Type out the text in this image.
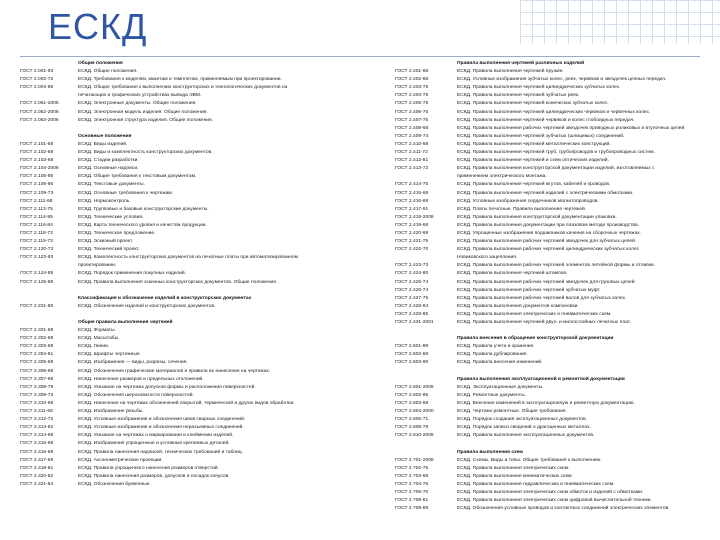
ЕСКД
Общие положения
ГОСТ 2.001-93	ЕСКД. Общие положения.
ГОСТ 2.002-72	ЕСКД. Требования к моделям, макетам и темплетам, применяемым при проектировании.
ГОСТ 2.004-88	ЕСКД. Общие требования к выполнению конструкторских и технологических документов на
печатающих и графических устройствах вывода ЭВМ.
ГОСТ 2.051-2006	ЕСКД. Электронные документы. Общие положения.
ГОСТ 2.052-2006	ЕСКД. Электронная модель изделия. Общие положения.
ГОСТ 2.053-2006	ЕСКД. Электронная структура изделия. Общие положения.
Основные положения
ГОСТ 2.101-68	ЕСКД. Виды изделий.
ГОСТ 2.102-68	ЕСКД. Виды и комплектность конструкторских документов.
ГОСТ 2.103-68	ЕСКД. Стадии разработки.
ГОСТ 2.104-2006	ЕСКД. Основные надписи.
ГОСТ 2.105-95	ЕСКД. Общие требования к текстовым документам.
ГОСТ 2.106-96	ЕСКД. Текстовые документы.
ГОСТ 2.109-73	ЕСКД. Основные требования к чертежам.
ГОСТ 2.111-68	ЕСКД. Нормоконтроль.
ГОСТ 2.113-75	ЕСКД. Групповые и базовые конструкторские документы.
ГОСТ 2.114-95	ЕСКД. Технические условия.
ГОСТ 2.116-84	ЕСКД. Карта технического уровня и качества продукции.
ГОСТ 2.118-73	ЕСКД. Техническое предложение.
ГОСТ 2.119-73	ЕСКД. Эскизный проект.
ГОСТ 2.120-73	ЕСКД. Технический проект.
ГОСТ 2.123-93	ЕСКД. Комплектность конструкторских документов на печатные платы при автоматизированном
проектировании.
ГОСТ 2.124-85	ЕСКД. Порядок применения покупных изделий.
ГОСТ 2.125-88	ЕСКД. Правила выполнения эскизных конструкторских документов. Общие положения.
Классификация и обозначение изделий в конструкторских документах
ГОСТ 2.201-80	ЕСКД. Обозначение изделий и конструкторских документов.
Общие правила выполнения чертежей
ГОСТ 2.301-68	ЕСКД. Форматы.
ГОСТ 2.302-68	ЕСКД. Масштабы.
ГОСТ 2.303-68	ЕСКД. Линии.
ГОСТ 2.304-81	ЕСКД. Шрифты чертежные.
ГОСТ 2.305-68	ЕСКД. Изображения — виды, разрезы, сечения.
ГОСТ 2.306-68	ЕСКД. Обозначения графические материалов и правила их нанесения на чертежах.
ГОСТ 2.307-68	ЕСКД. Нанесение размеров и предельных отклонений.
ГОСТ 2.308-79	ЕСКД. Указание на чертежах допусков формы и расположения поверхностей.
ГОСТ 2.309-73	ЕСКД. Обозначения шероховатости поверхностей.
ГОСТ 2.310-68	ЕСКД. Нанесение на чертежах обозначений покрытий, термической и других видов обработки.
ГОСТ 2.311-68	ЕСКД. Изображение резьбы.
ГОСТ 2.312-72	ЕСКД. Условные изображения и обозначения швов сварных соединений.
ГОСТ 2.313-82	ЕСКД. Условные изображения и обозначения неразъемных соединений.
ГОСТ 2.314-68	ЕСКД. Указания на чертежах о маркировании и клеймении изделий.
ГОСТ 2.315-68	ЕСКД. Изображения упрощенные и условные крепежных деталей.
ГОСТ 2.316-68	ЕСКД. Правила нанесения надписей, технических требований и таблиц.
ГОСТ 2.317-69	ЕСКД. Аксонометрические проекции.
ГОСТ 2.318-81	ЕСКД. Правила упрощенного нанесения размеров отверстий.
ГОСТ 2.320-82	ЕСКД. Правила нанесения размеров, допусков и посадок конусов.
ГОСТ 2.321-84	ЕСКД. Обозначения буквенные.
Правила выполнения чертежей различных изделий
ГОСТ 2.401-68	ЕСКД. Правила выполнения чертежей пружин.
ГОСТ 2.402-68	ЕСКД. Условные изображения зубчатых колес, реек, червяков и звездочек цепных передач.
ГОСТ 2.403-75	ЕСКД. Правила выполнения чертежей цилиндрических зубчатых колес.
ГОСТ 2.404-75	ЕСКД. Правила выполнения чертежей зубчатых реек.
ГОСТ 2.405-75	ЕСКД. Правила выполнения чертежей конических зубчатых колес.
ГОСТ 2.406-76	ЕСКД. Правила выполнения чертежей цилиндрических червяков и червячных колес.
ГОСТ 2.407-75	ЕСКД. Правила выполнения чертежей червяков и колес глобоидных передач.
ГОСТ 2.408-68	ЕСКД. Правила выполнения рабочих чертежей звездочек приводных роликовых и втулочных цепей.
ГОСТ 2.409-74	ЕСКД. Правила выполнения чертежей зубчатых (шлицевых) соединений.
ГОСТ 2.410-68	ЕСКД. Правила выполнения чертежей металлических конструкций.
ГОСТ 2.411-72	ЕСКД. Правила выполнения чертежей труб, трубопроводов и трубопроводных систем.
ГОСТ 2.412-81	ЕСКД. Правила выполнения чертежей и схем оптических изделий.
ГОСТ 2.413-72	ЕСКД. Правила выполнения конструкторской документации изделий, изготовляемых с
применением электрического монтажа.
ГОСТ 2.414-75	ЕСКД. Правила выполнения чертежей жгутов, кабелей и проводов.
ГОСТ 2.415-68	ЕСКД. Правила выполнения чертежей изделий с электрическими обмотками.
ГОСТ 2.416-68	ЕСКД. Условные изображения сердечников магнитопроводов.
ГОСТ 2.417-91	ЕСКД. Платы печатные. Правила выполнения чертежей.
ГОСТ 2.418-2008	ЕСКД. Правила выполнения конструкторской документации упаковки.
ГОСТ 2.419-68	ЕСКД. Правила выполнения документации при плазовом методе производства.
ГОСТ 2.420-69	ЕСКД. Упрощенные изображения подшипников качения на сборочных чертежах.
ГОСТ 2.421-75	ЕСКД. Правила выполнения рабочих чертежей звездочек для зубчатых цепей.
ГОСТ 2.422-70	ЕСКД. Правила выполнения рабочих чертежей цилиндрических зубчатых колес
Новиковского зацепления.
ГОСТ 2.423-73	ЕСКД. Правила выполнения рабочих чертежей элементов литейной формы и отливки.
ГОСТ 2.424-80	ЕСКД. Правила выполнения чертежей штампов.
ГОСТ 2.425-74	ЕСКД. Правила выполнения рабочих чертежей звездочек для грузовых цепей.
ГОСТ 2.426-74	ЕСКД. Правила выполнения рабочих чертежей зубчатых муфт.
ГОСТ 2.427-75	ЕСКД. Правила выполнения рабочих чертежей валов для зубчатых колес.
ГОСТ 2.428-84	ЕСКД. Правила выполнения документов компоновки.
ГОСТ 2.429-85	ЕСКД. Правила выполнения электрических и пневматических схем.
ГОСТ 2.431-2001	ЕСКД. Правила выполнения чертежей двух- и многослойных печатных плат.
Правила внесения в обращение конструкторской документации
ГОСТ 2.501-88	ЕСКД. Правила учета и хранения.
ГОСТ 2.502-68	ЕСКД. Правила дублирования.
ГОСТ 2.503-90	ЕСКД. Правила внесения изменений.
Правила выполнения эксплуатационной и ремонтной документации
ГОСТ 2.601-2006	ЕСКД. Эксплуатационные документы.
ГОСТ 2.602-95	ЕСКД. Ремонтные документы.
ГОСТ 2.603-68	ЕСКД. Внесение изменений в эксплуатационную и ремонтную документацию.
ГОСТ 2.604-2000	ЕСКД. Чертежи ремонтные. Общие требования.
ГОСТ 2.606-71	ЕСКД. Порядок создания эксплуатационных документов.
ГОСТ 2.608-78	ЕСКД. Порядок записи сведений о драгоценных металлах.
ГОСТ 2.610-2006	ЕСКД. Правила выполнения эксплуатационных документов.
Правила выполнения схем
ГОСТ 2.701-2008	ЕСКД. Схемы. Виды и типы. Общие требования к выполнению.
ГОСТ 2.702-75	ЕСКД. Правила выполнения электрических схем.
ГОСТ 2.703-68	ЕСКД. Правила выполнения кинематических схем.
ГОСТ 2.704-76	ЕСКД. Правила выполнения гидравлических и пневматических схем.
ГОСТ 2.705-70	ЕСКД. Правила выполнения электрических схем обмоток и изделий с обмотками.
ГОСТ 2.708-81	ЕСКД. Правила выполнения электрических схем цифровой вычислительной техники.
ГОСТ 2.709-89	ЕСКД. Обозначения условные проводов и контактных соединений электрических элементов.
